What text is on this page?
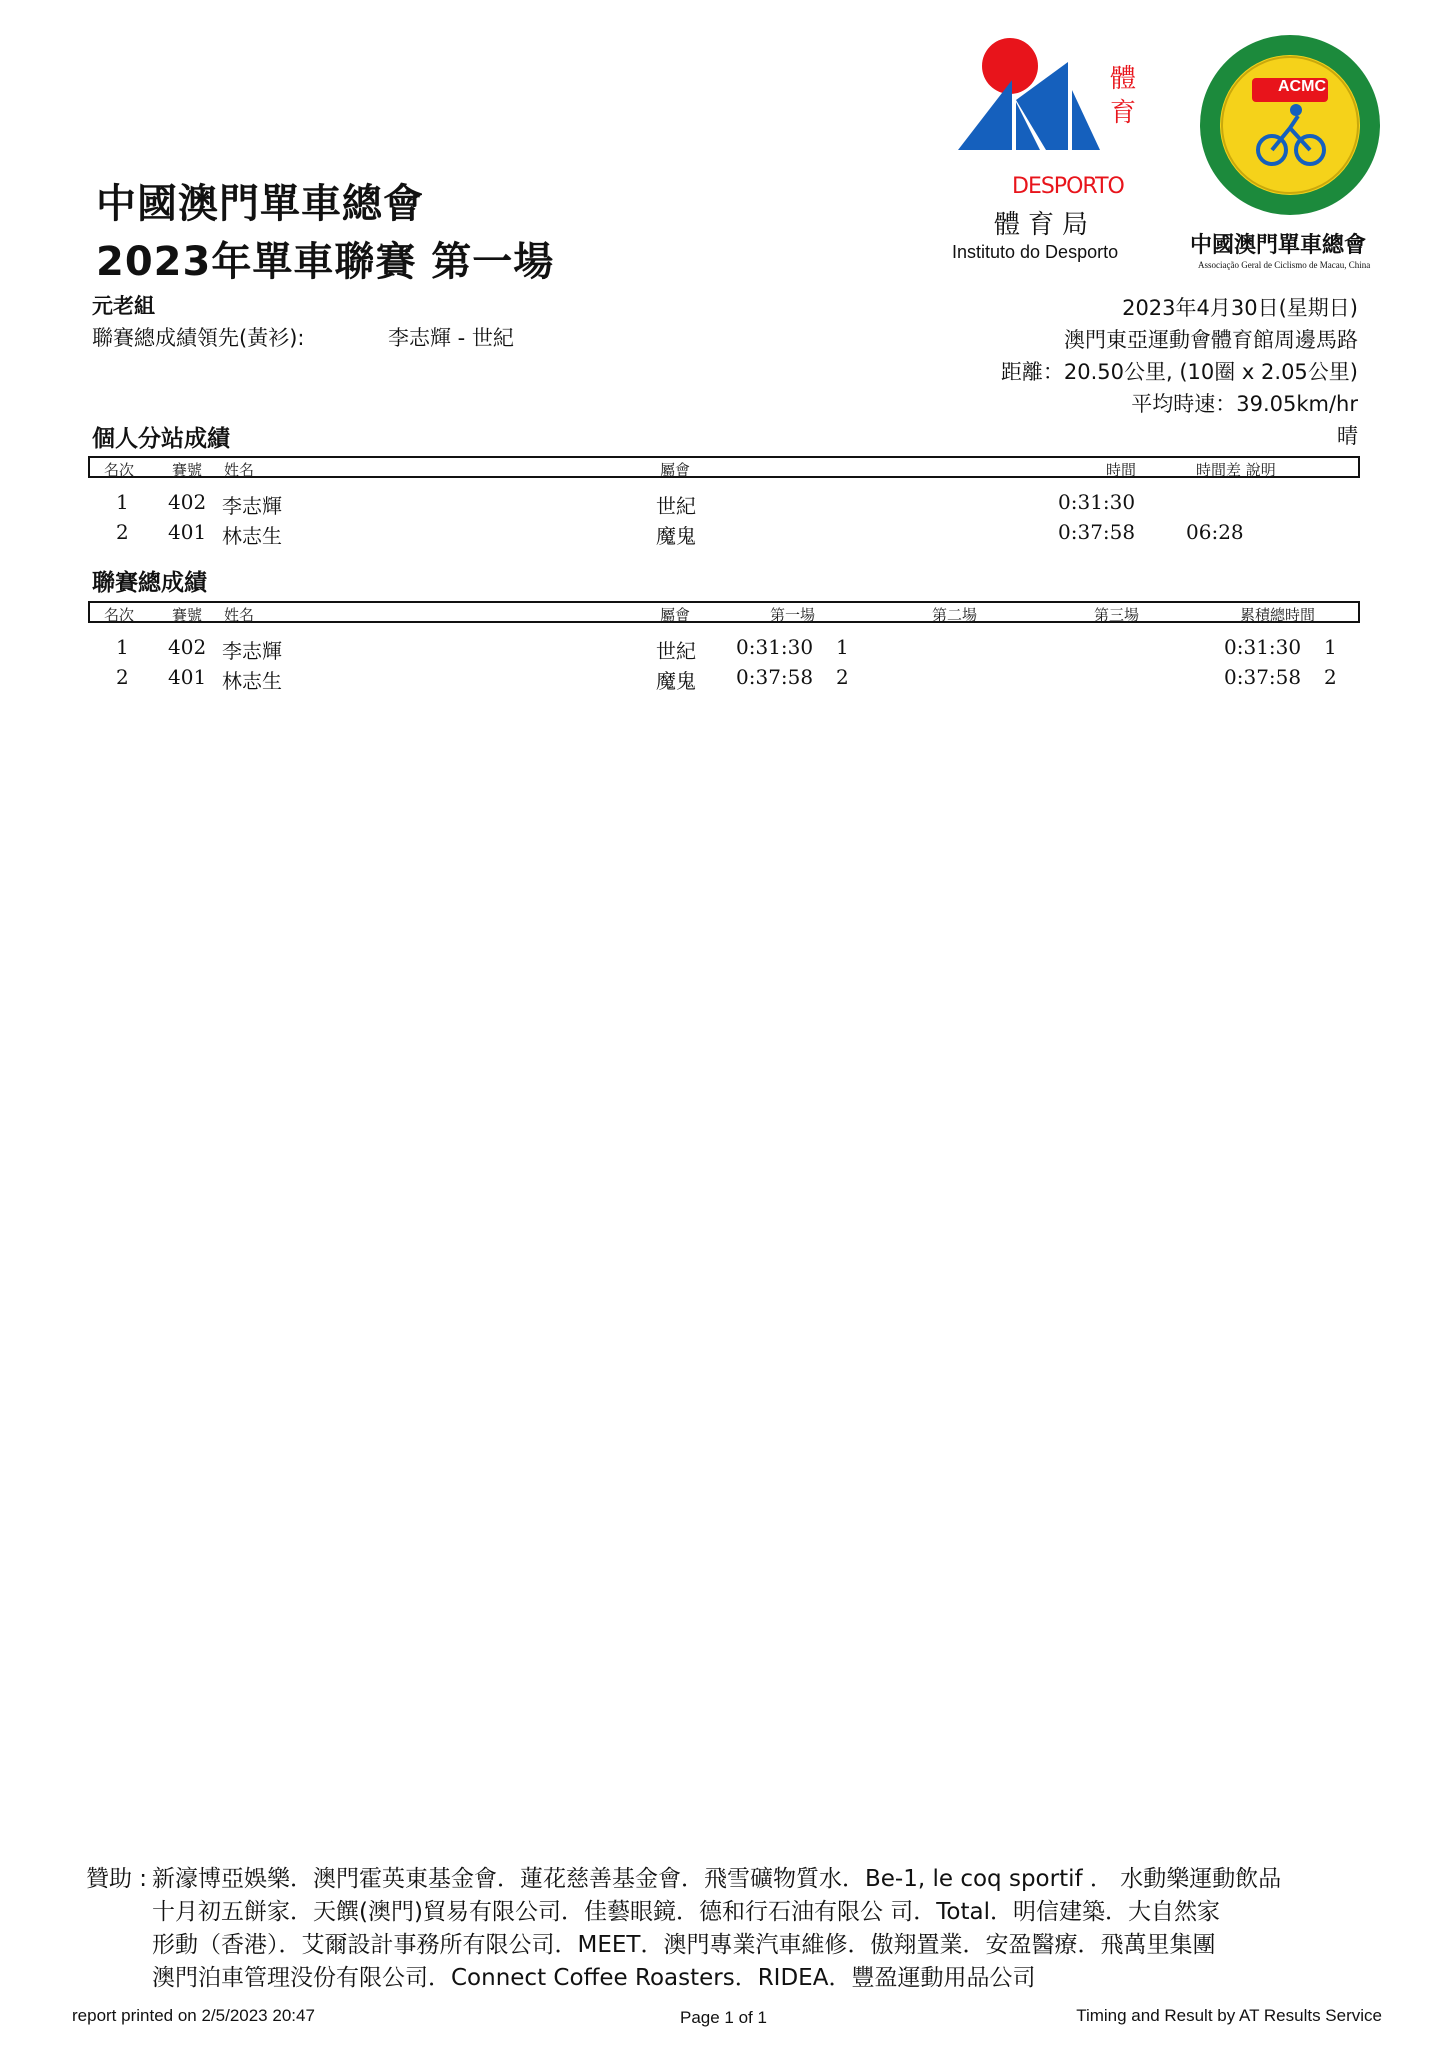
體
育
DESPORTO
體育局
Instituto do Desporto
ACMC
中國澳門單車總會
Associação Geral de Ciclismo de Macau, China
中國澳門單車總會
2023年單車聯賽 第一場
元老組
聯賽總成績領先(黃衫):	李志輝 - 世紀
2023年4月30日(星期日)
澳門東亞運動會體育館周邊馬路
距離：20.50公里, (10圈 x 2.05公里)
平均時速：39.05km/hr
晴
個人分站成績
名次	賽號 姓名	屬會	時間	時間差 說明
1 402 李志輝	世紀	0:31:30
2 401 林志生	魔鬼	0:37:58	06:28
聯賽總成績
名次	賽號 姓名	屬會	第一場	第二場	第三場	累積總時間
1 402 李志輝	世紀 0:31:30 1	0:31:30 1
2 401 林志生	魔鬼 0:37:58 2	0:37:58 2
贊助 : 新濠博亞娛樂．澳門霍英東基金會．蓮花慈善基金會．飛雪礦物質水．Be-1, le coq sportif ． 水動樂運動飲品
十月初五餅家．天饌(澳門)貿易有限公司．佳藝眼鏡．德和行石油有限公 司．Total．明信建築．大自然家
形動（香港）．艾爾設計事務所有限公司．MEET．澳門專業汽車維修．傲翔置業．安盈醫療．飛萬里集團
澳門泊車管理没份有限公司．Connect Coffee Roasters．RIDEA．豐盈運動用品公司
report printed on 2/5/2023 20:47	Page 1 of 1	Timing and Result by AT Results Service
